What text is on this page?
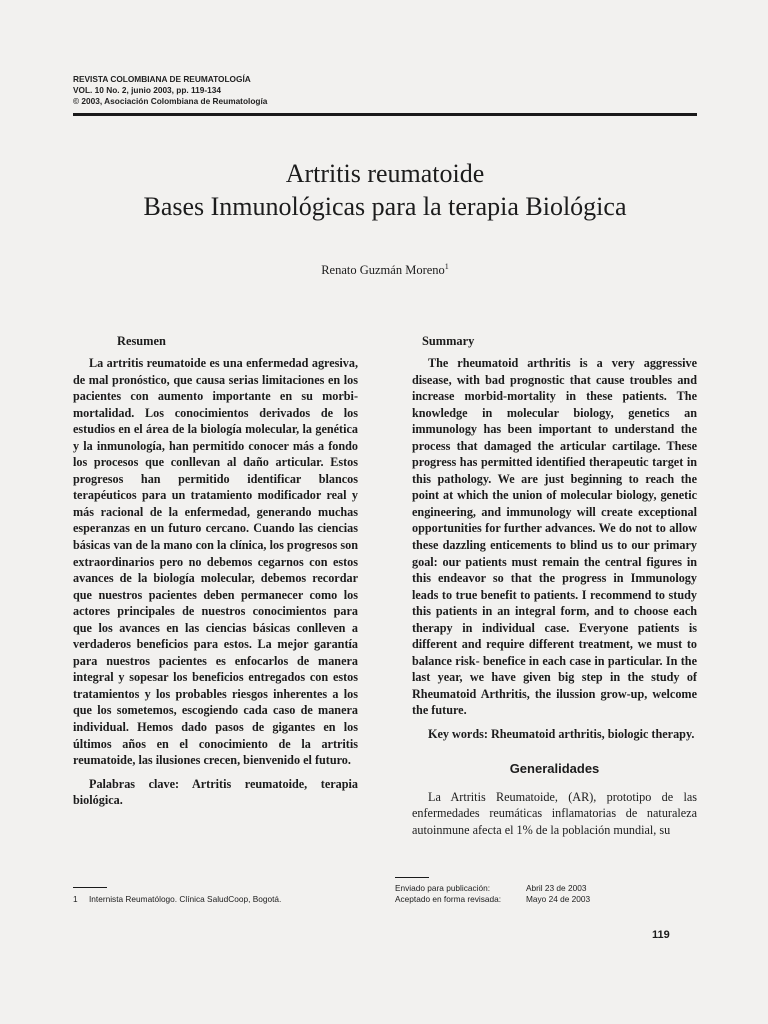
REVISTA COLOMBIANA DE REUMATOLOGÍA
VOL. 10 No. 2, junio 2003, pp. 119-134
© 2003, Asociación Colombiana de Reumatología
Artritis reumatoide
Bases Inmunológicas para la terapia Biológica
Renato Guzmán Moreno$^1$
Resumen

La artritis reumatoide es una enfermedad agresiva, de mal pronóstico, que causa serias limitaciones en los pacientes con aumento importante en su morbi-mortalidad. Los conocimientos derivados de los estudios en el área de la biología molecular, la genética y la inmunología, han permitido conocer más a fondo los procesos que conllevan al daño articular. Estos progresos han permitido identificar blancos terapéuticos para un tratamiento modificador real y más racional de la enfermedad, generando muchas esperanzas en un futuro cercano. Cuando las ciencias básicas van de la mano con la clínica, los progresos son extraordinarios pero no debemos cegarnos con estos avances de la biología molecular, debemos recordar que nuestros pacientes deben permanecer como los actores principales de nuestros conocimientos para que los avances en las ciencias básicas conlleven a verdaderos beneficios para estos. La mejor garantía para nuestros pacientes es enfocarlos de manera integral y sopesar los beneficios entregados con estos tratamientos y los probables riesgos inherentes a los que los sometemos, escogiendo cada caso de manera individual. Hemos dado pasos de gigantes en los últimos años en el conocimiento de la artritis reumatoide, las ilusiones crecen, bienvenido el futuro.

Palabras clave: Artritis reumatoide, terapia biológica.

Summary

The rheumatoid arthritis is a very aggressive disease, with bad prognostic that cause troubles and increase morbid-mortality in these patients. The knowledge in molecular biology, genetics an immunology has been important to understand the process that damaged the articular cartilage. These progress has permitted identified therapeutic target in this pathology. We are just beginning to reach the point at which the union of molecular biology, genetic engineering, and immunology will create exceptional opportunities for further advances. We do not to allow these dazzling enticements to blind us to our primary goal: our patients must remain the central figures in this endeavor so that the progress in Immunology leads to true benefit to patients. I recommend to study this patients in an integral form, and to choose each therapy in individual case. Everyone patients is different and require different treatment, we must to balance risk- benefice in each case in particular. In the last year, we have given big step in the study of Rheumatoid Arthritis, the ilussion grow-up, welcome the future.

Key words: Rheumatoid arthritis, biologic therapy.

Generalidades

La Artritis Reumatoide, (AR), prototipo de las enfermedades reumáticas inflamatorias de naturaleza autoinmune afecta el 1% de la población mundial, su

1 Internista Reumatólogo. Clínica SaludCoop, Bogotá.
Enviado para publicación:	Abril 23 de 2003
Aceptado en forma revisada:	Mayo 24 de 2003
119
